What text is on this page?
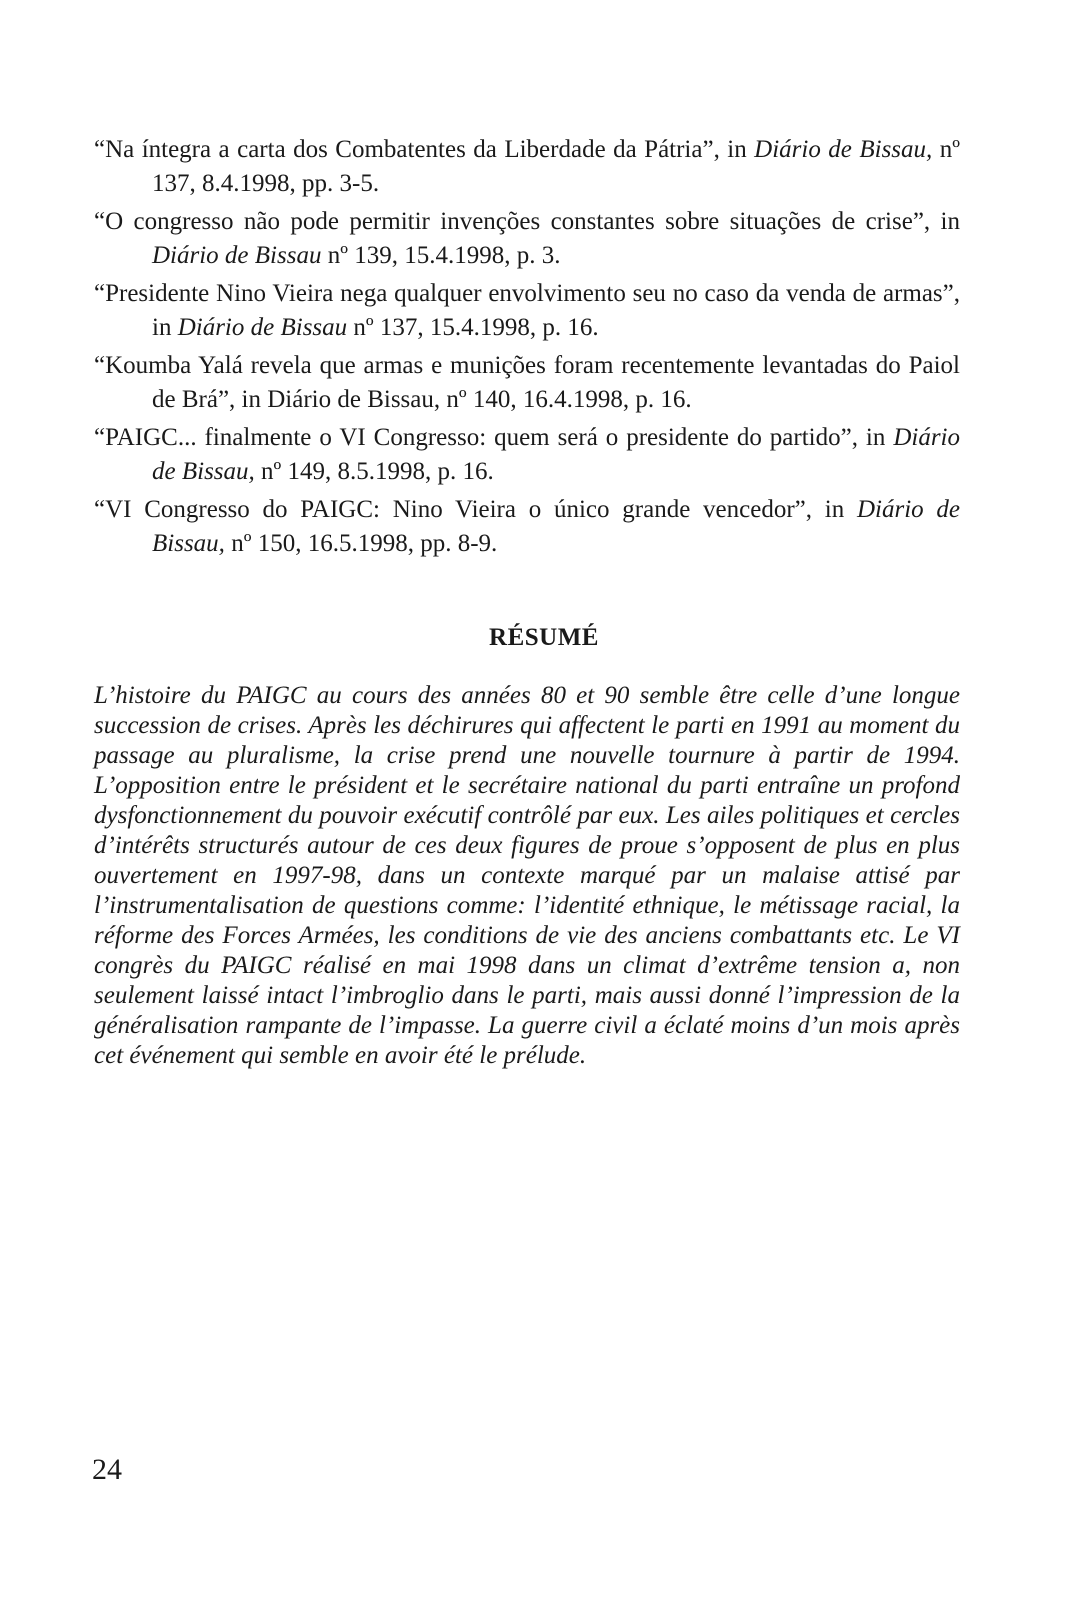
“Na íntegra a carta dos Combatentes da Liberdade da Pátria”, in Diário de Bissau, nº 137, 8.4.1998, pp. 3-5.
“O congresso não pode permitir invenções constantes sobre situações de crise”, in Diário de Bissau nº 139, 15.4.1998, p. 3.
“Presidente Nino Vieira nega qualquer envolvimento seu no caso da venda de armas”, in Diário de Bissau nº 137, 15.4.1998, p. 16.
“Koumba Yalá revela que armas e munições foram recentemente levantadas do Paiol de Brá”, in Diário de Bissau, nº 140, 16.4.1998, p. 16.
“PAIGC... finalmente o VI Congresso: quem será o presidente do partido”, in Diário de Bissau, nº 149, 8.5.1998, p. 16.
“VI Congresso do PAIGC: Nino Vieira o único grande vencedor”, in Diário de Bissau, nº 150, 16.5.1998, pp. 8-9.
RÉSUMÉ

L’histoire du PAIGC au cours des années 80 et 90 semble être celle d’une longue succession de crises. Après les déchirures qui affectent le parti en 1991 au moment du passage au pluralisme, la crise prend une nouvelle tournure à partir de 1994. L’opposition entre le président et le secrétaire national du parti entraîne un profond dysfonctionnement du pouvoir exécutif contrôlé par eux. Les ailes politiques et cercles d’intérêts structurés autour de ces deux figures de proue s’opposent de plus en plus ouvertement en 1997-98, dans un contexte marqué par un malaise attisé par l’instrumentalisation de questions comme: l’identité ethnique, le métissage racial, la réforme des Forces Armées, les conditions de vie des anciens combattants etc. Le VI congrès du PAIGC réalisé en mai 1998 dans un climat d’extrême tension a, non seulement laissé intact l’imbroglio dans le parti, mais aussi donné l’impression de la généralisation rampante de l’impasse. La guerre civil a éclaté moins d’un mois après cet événement qui semble en avoir été le prélude.

24
